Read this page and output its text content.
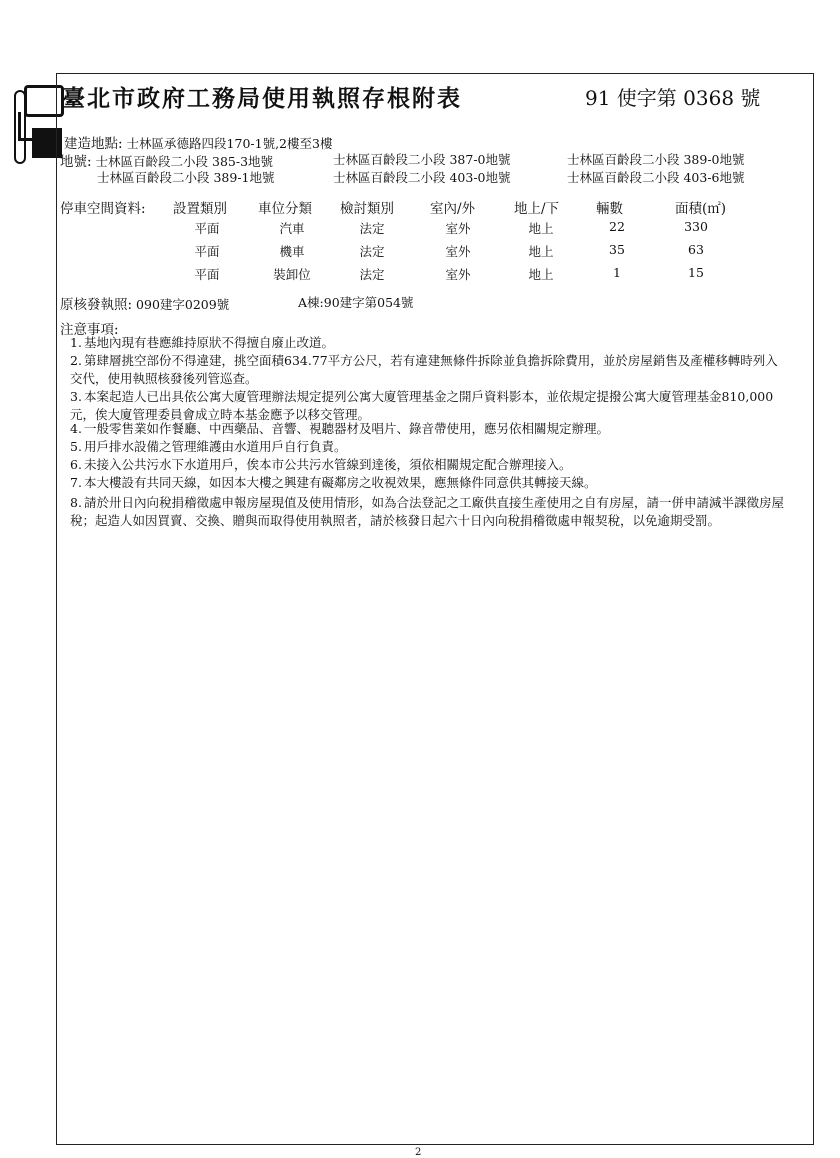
臺北市政府工務局使用執照存根附表	91 使字第 0368 號
建造地點: 士林區承德路四段170-1號,2樓至3樓
地號: 士林區百齡段二小段 385-3地號	士林區百齡段二小段 387-0地號	士林區百齡段二小段 389-0地號
士林區百齡段二小段 389-1地號	士林區百齡段二小段 403-0地號	士林區百齡段二小段 403-6地號
停車空間資料: 設置類別 車位分類 檢討類別	室內/外	地上/下	輛數	面積(㎡)
平面	汽車	法定	室外	地上	22	330
平面	機車	法定	室外	地上	35	63
平面	裝卸位	法定	室外	地上	1	15
原核發執照: 090建字0209號	A棟:90建字第054號
注意事項:
1. 基地內現有巷應維持原狀不得擅自廢止改道。
2. 第肆層挑空部份不得違建，挑空面積634.77平方公尺，若有違建無條件拆除並負擔拆除費用，並於房屋銷售及產權移轉時列入交代，使用執照核發後列管巡查。
3. 本案起造人已出具依公寓大廈管理辦法規定提列公寓大廈管理基金之開戶資料影本，並依規定提撥公寓大廈管理基金810,000元，俟大廈管理委員會成立時本基金應予以移交管理。
4. 一般零售業如作餐廳、中西藥品、音響、視聽器材及唱片、錄音帶使用，應另依相關規定辦理。
5. 用戶排水設備之管理維護由水道用戶自行負責。
6. 未接入公共污水下水道用戶，俟本市公共污水管線到達後，須依相關規定配合辦理接入。
7. 本大樓設有共同天線，如因本大樓之興建有礙鄰房之收視效果，應無條件同意供其轉接天線。
8. 請於卅日內向稅捐稽徵處申報房屋現值及使用情形，如為合法登記之工廠供直接生產使用之自有房屋，請一併申請減半課徵房屋稅；起造人如因買賣、交換、贈與而取得使用執照者，請於核發日起六十日內向稅捐稽徵處申報契稅，以免逾期受罰。
2
